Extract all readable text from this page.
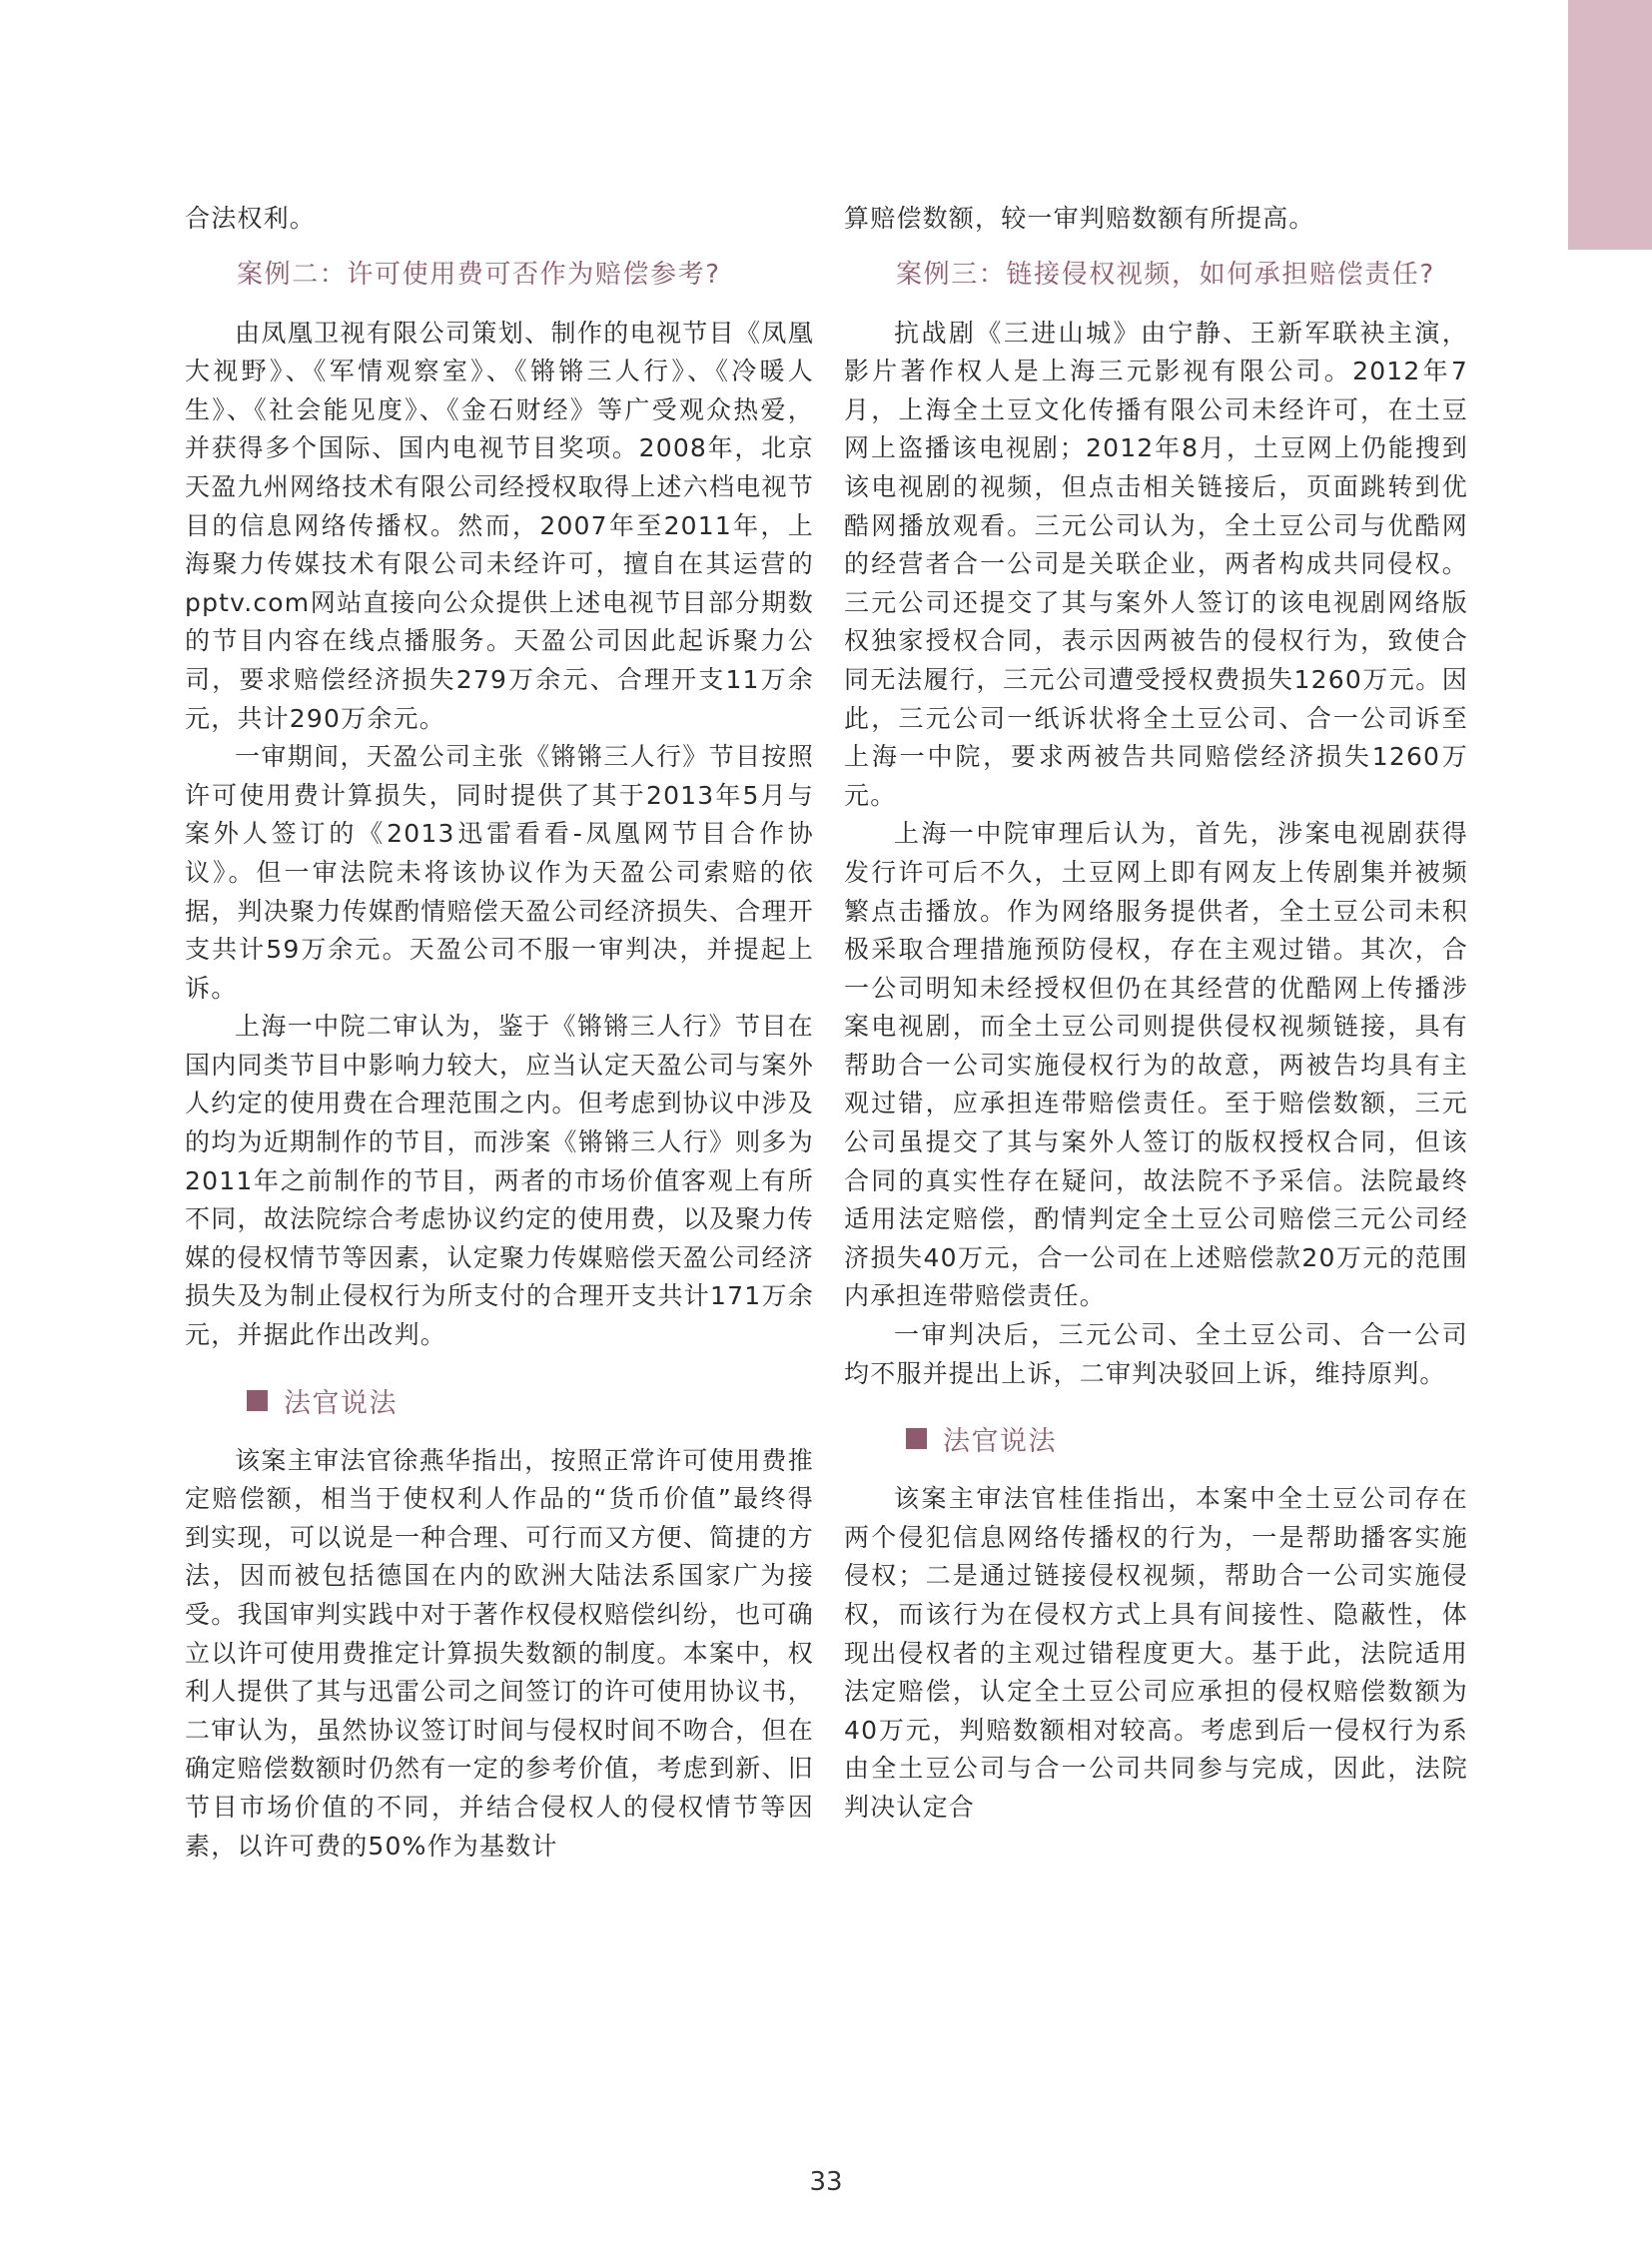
合法权利。

案例二：许可使用费可否作为赔偿参考?

由凤凰卫视有限公司策划、制作的电视节目《凤凰大视野》、《军情观察室》、《锵锵三人行》、《冷暖人生》、《社会能见度》、《金石财经》等广受观众热爱，并获得多个国际、国内电视节目奖项。2008年，北京天盈九州网络技术有限公司经授权取得上述六档电视节目的信息网络传播权。然而，2007年至2011年，上海聚力传媒技术有限公司未经许可，擅自在其运营的pptv.com网站直接向公众提供上述电视节目部分期数的节目内容在线点播服务。天盈公司因此起诉聚力公司，要求赔偿经济损失279万余元、合理开支11万余元，共计290万余元。

一审期间，天盈公司主张《锵锵三人行》节目按照许可使用费计算损失，同时提供了其于2013年5月与案外人签订的《2013迅雷看看-凤凰网节目合作协议》。但一审法院未将该协议作为天盈公司索赔的依据，判决聚力传媒酌情赔偿天盈公司经济损失、合理开支共计59万余元。天盈公司不服一审判决，并提起上诉。

上海一中院二审认为，鉴于《锵锵三人行》节目在国内同类节目中影响力较大，应当认定天盈公司与案外人约定的使用费在合理范围之内。但考虑到协议中涉及的均为近期制作的节目，而涉案《锵锵三人行》则多为2011年之前制作的节目，两者的市场价值客观上有所不同，故法院综合考虑协议约定的使用费，以及聚力传媒的侵权情节等因素，认定聚力传媒赔偿天盈公司经济损失及为制止侵权行为所支付的合理开支共计171万余元，并据此作出改判。

法官说法

该案主审法官徐燕华指出，按照正常许可使用费推定赔偿额，相当于使权利人作品的“货币价值”最终得到实现，可以说是一种合理、可行而又方便、简捷的方法，因而被包括德国在内的欧洲大陆法系国家广为接受。我国审判实践中对于著作权侵权赔偿纠纷，也可确立以许可使用费推定计算损失数额的制度。本案中，权利人提供了其与迅雷公司之间签订的许可使用协议书，二审认为，虽然协议签订时间与侵权时间不吻合，但在确定赔偿数额时仍然有一定的参考价值，考虑到新、旧节目市场价值的不同，并结合侵权人的侵权情节等因素，以许可费的50%作为基数计

算赔偿数额，较一审判赔数额有所提高。

案例三：链接侵权视频，如何承担赔偿责任?

抗战剧《三进山城》由宁静、王新军联袂主演，影片著作权人是上海三元影视有限公司。2012年7月，上海全土豆文化传播有限公司未经许可，在土豆网上盗播该电视剧；2012年8月，土豆网上仍能搜到该电视剧的视频，但点击相关链接后，页面跳转到优酷网播放观看。三元公司认为，全土豆公司与优酷网的经营者合一公司是关联企业，两者构成共同侵权。三元公司还提交了其与案外人签订的该电视剧网络版权独家授权合同，表示因两被告的侵权行为，致使合同无法履行，三元公司遭受授权费损失1260万元。因此，三元公司一纸诉状将全土豆公司、合一公司诉至上海一中院，要求两被告共同赔偿经济损失1260万元。

上海一中院审理后认为，首先，涉案电视剧获得发行许可后不久，土豆网上即有网友上传剧集并被频繁点击播放。作为网络服务提供者，全土豆公司未积极采取合理措施预防侵权，存在主观过错。其次，合一公司明知未经授权但仍在其经营的优酷网上传播涉案电视剧，而全土豆公司则提供侵权视频链接，具有帮助合一公司实施侵权行为的故意，两被告均具有主观过错，应承担连带赔偿责任。至于赔偿数额，三元公司虽提交了其与案外人签订的版权授权合同，但该合同的真实性存在疑问，故法院不予采信。法院最终适用法定赔偿，酌情判定全土豆公司赔偿三元公司经济损失40万元，合一公司在上述赔偿款20万元的范围内承担连带赔偿责任。

一审判决后，三元公司、全土豆公司、合一公司均不服并提出上诉，二审判决驳回上诉，维持原判。

法官说法

该案主审法官桂佳指出，本案中全土豆公司存在两个侵犯信息网络传播权的行为，一是帮助播客实施侵权；二是通过链接侵权视频，帮助合一公司实施侵权，而该行为在侵权方式上具有间接性、隐蔽性，体现出侵权者的主观过错程度更大。基于此，法院适用法定赔偿，认定全土豆公司应承担的侵权赔偿数额为40万元，判赔数额相对较高。考虑到后一侵权行为系由全土豆公司与合一公司共同参与完成，因此，法院判决认定合

33
